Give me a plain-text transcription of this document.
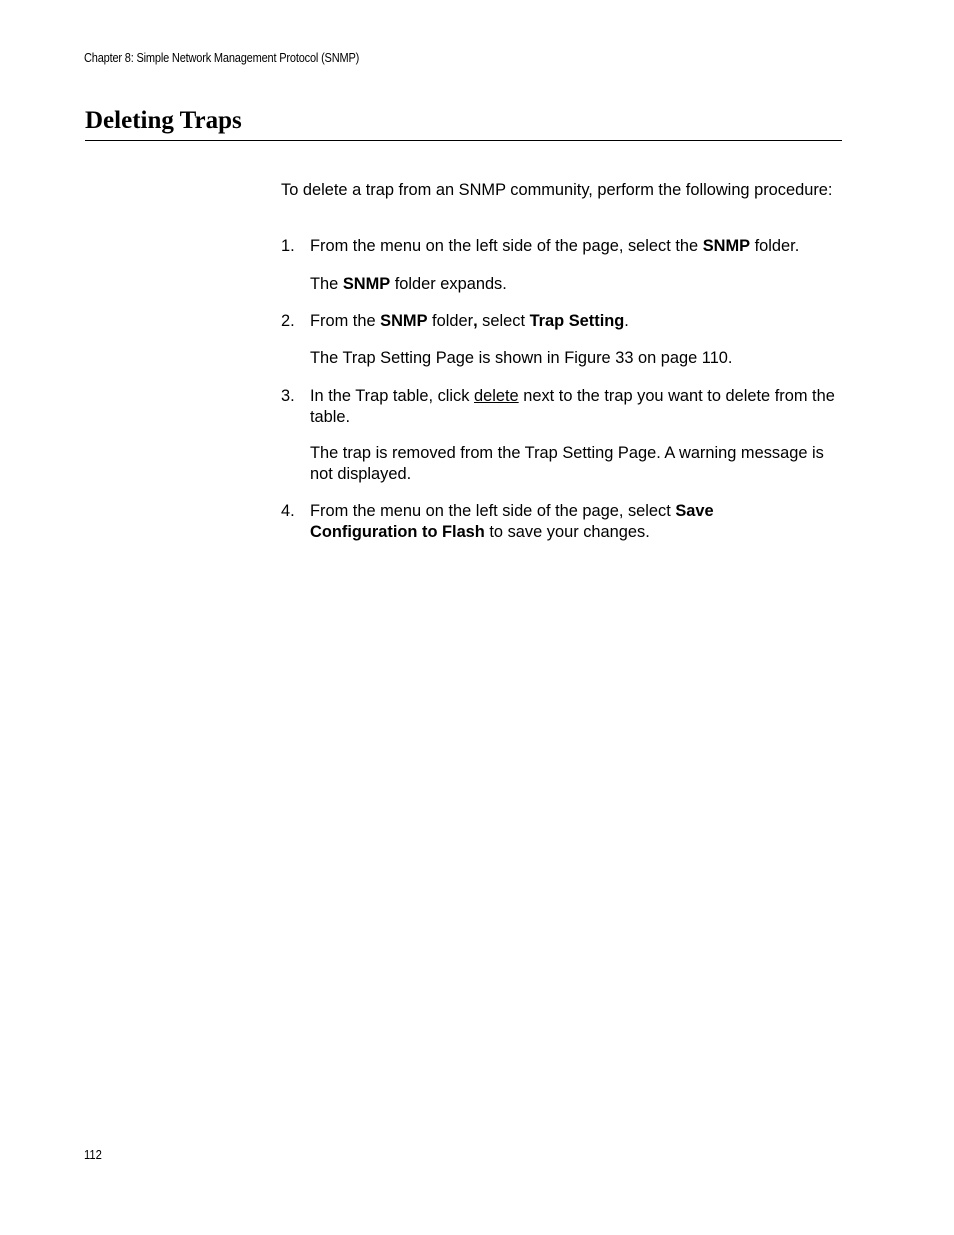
Chapter 8: Simple Network Management Protocol (SNMP)
Deleting Traps
To delete a trap from an SNMP community, perform the following procedure:
1. From the menu on the left side of the page, select the SNMP folder.
The SNMP folder expands.
2. From the SNMP folder, select Trap Setting.
The Trap Setting Page is shown in Figure 33 on page 110.
3. In the Trap table, click delete next to the trap you want to delete from the table.
The trap is removed from the Trap Setting Page. A warning message is not displayed.
4. From the menu on the left side of the page, select Save Configuration to Flash to save your changes.
112
